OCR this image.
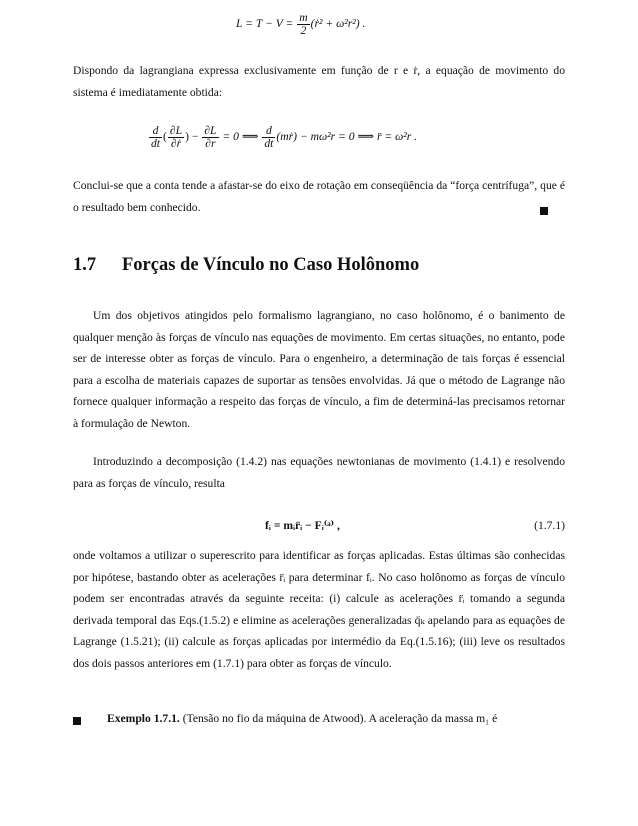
$L = T - V = \frac{m}{2}$ (ṙ² + ω²r²) .
Dispondo da lagrangiana expressa exclusivamente em função de r e ṙ, a equação de movimento do sistema é imediatamente obtida:
$\frac{d}{dt}$ ( $\frac{\partial L}{\text{∂ṙ}}$ ) − $\frac{\partial L}{\partial r} = 0$ ⟹ $\frac{d}{dt}$ (mṙ) − mω²r = 0 ⟹ r̈ = ω²r .
Conclui-se que a conta tende a afastar-se do eixo de rotação em conseqüência da “força centrífuga”, que é o resultado bem conhecido.
1.7 Forças de Vínculo no Caso Holônomo
Um dos objetivos atingidos pelo formalismo lagrangiano, no caso holônomo, é o banimento de qualquer menção às forças de vínculo nas equações de movimento. Em certas situações, no entanto, pode ser de interesse obter as forças de vínculo. Para o engenheiro, a determinação de tais forças é essencial para a escolha de materiais capazes de suportar as tensões envolvidas. Já que o método de Lagrange não fornece qualquer informação a respeito das forças de vínculo, a fim de determiná-las precisamos retornar à formulação de Newton.
Introduzindo a decomposição (1.4.2) nas equações newtonianas de movimento (1.4.1) e resolvendo para as forças de vínculo, resulta
fᵢ = mᵢr̈ᵢ − Fᵢ⁽ᵃ⁾ ,	(1.7.1)
onde voltamos a utilizar o superescrito para identificar as forças aplicadas. Estas últimas são conhecidas por hipótese, bastando obter as acelerações r̈ᵢ para determinar fᵢ. No caso holônomo as forças de vínculo podem ser encontradas através da seguinte receita: (i) calcule as acelerações r̈ᵢ tomando a segunda derivada temporal das Eqs.(1.5.2) e elimine as acelerações generalizadas q̈ₖ apelando para as equações de Lagrange (1.5.21); (ii) calcule as forças aplicadas por intermédio da Eq.(1.5.16); (iii) leve os resultados dos dois passos anteriores em (1.7.1) para obter as forças de vínculo.
Exemplo 1.7.1. (Tensão no fio da máquina de Atwood). A aceleração da massa m₁ é
